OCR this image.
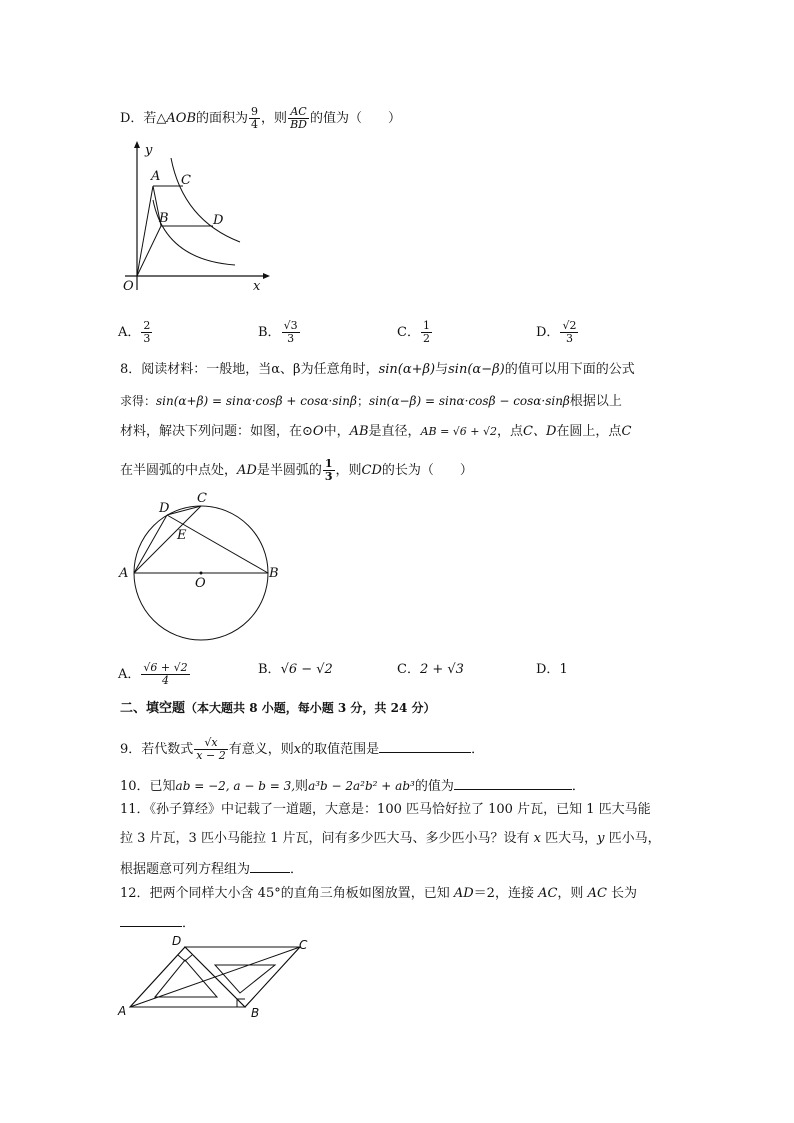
D．若△AOB的面积为 $\frac{9}{4}$ ，则 $\frac{AC}{BD}$ 的值为（　　）
y
x
O
A C
B	D
A． $\frac{2}{3}$	B． $\frac{√3}{3}$	C． $\frac{1}{2}$	D． $\frac{√2}{3}$
8．阅读材料：一般地，当α、β为任意角时，sin(α+β)与sin(α−β)的值可以用下面的公式
求得：sin(α+β) = sinα·cosβ + cosα·sinβ；sin(α−β) = sinα·cosβ − cosα·sinβ根据以上
材料，解决下列问题：如图，在⊙O中，AB是直径，AB = √6 + √2，点C、D在圆上，点C
在半圆弧的中点处，AD是半圆弧的 $\frac{1}{3}$ ，则CD的长为（　　）
A	B
C
D
E
O
A． $\frac{√6 + √2}{4}$	B．√6 − √2	C．2 + √3	D．1
二、填空题（本大题共 8 小题，每小题 3 分，共 24 分）
9．若代数式 $\frac{√x}{x - 2}$ 有意义，则x的取值范围是	．
10．已知ab = −2, a − b = 3,则a³b − 2a²b² + ab³的值为	．
11．《孙子算经》中记载了一道题，大意是：100 匹马恰好拉了 100 片瓦，已知 1 匹大马能
拉 3 片瓦，3 匹小马能拉 1 片瓦，问有多少匹大马、多少匹小马？设有 x 匹大马，y 匹小马，
根据题意可列方程组为	．
12．把两个同样大小含 45°的直角三角板如图放置，已知 AD＝2，连接 AC，则 AC 长为
．
A	B
C
D
